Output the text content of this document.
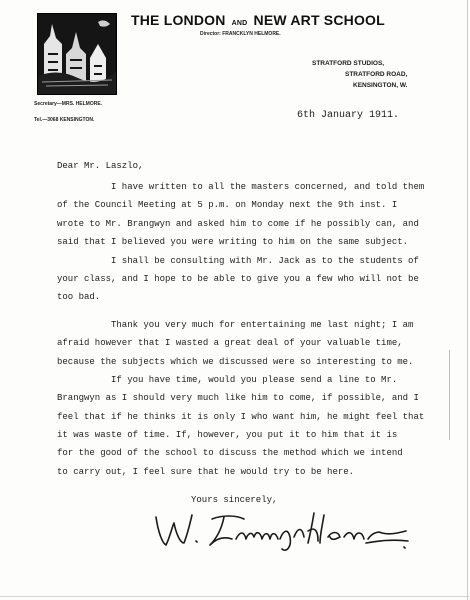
THE LONDON AND NEW ART SCHOOL
Director: FRANCKLYN HELMORE.
STRATFORD STUDIOS,
STRATFORD ROAD,
KENSINGTON, W.
Secretary—MRS. HELMORE.
Tel.—3068 KENSINGTON.	6th January 1911.
Dear Mr. Laszlo,
I have written to all the masters concerned, and told them
of the Council Meeting at 5 p.m. on Monday next the 9th inst. I
wrote to Mr. Brangwyn and asked him to come if he possibly can, and
said that I believed you were writing to him on the same subject.
I shall be consulting with Mr. Jack as to the students of
your class, and I hope to be able to give you a few who will not be
too bad.
Thank you very much for entertaining me last night; I am
afraid however that I wasted a great deal of your valuable time,
because the subjects which we discussed were so interesting to me.
If you have time, would you please send a line to Mr.
Brangwyn as I should very much like him to come, if possible, and I
feel that if he thinks it is only I who want him, he might feel that
it was waste of time. If, however, you put it to him that it is
for the good of the school to discuss the method which we intend
to carry out, I feel sure that he would try to be here.
Yours sincerely,
